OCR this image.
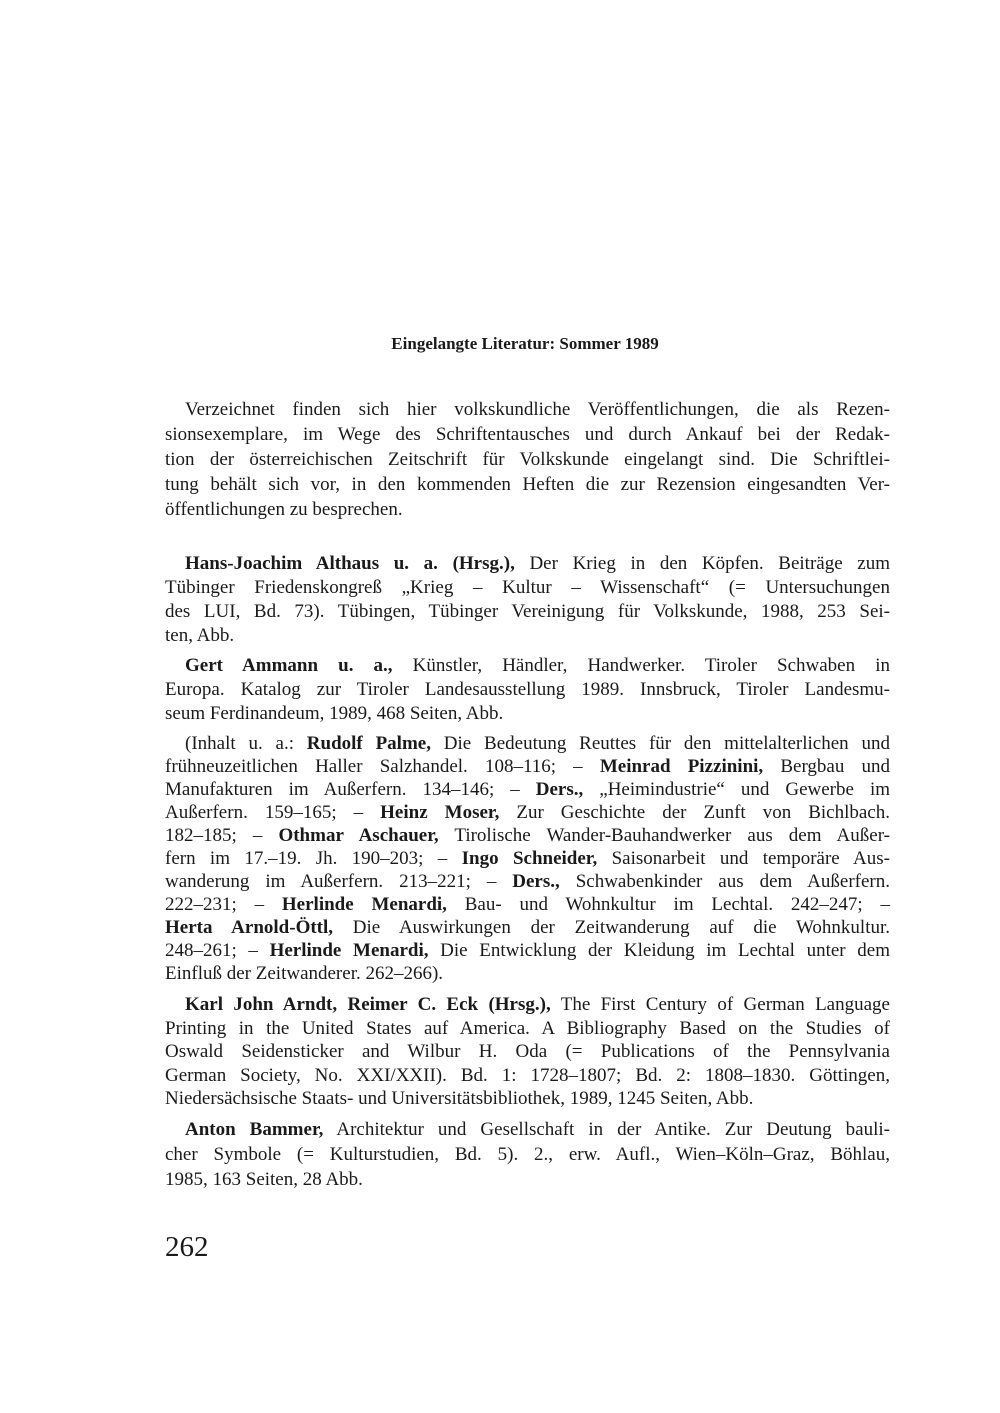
Eingelangte Literatur: Sommer 1989
Verzeichnet finden sich hier volkskundliche Veröffentlichungen, die als Rezen-
sionsexemplare, im Wege des Schriftentausches und durch Ankauf bei der Redak-
tion der österreichischen Zeitschrift für Volkskunde eingelangt sind. Die Schriftlei-
tung behält sich vor, in den kommenden Heften die zur Rezension eingesandten Ver-
öffentlichungen zu besprechen.
Hans-Joachim Althaus u. a. (Hrsg.), Der Krieg in den Köpfen. Beiträge zum
Tübinger Friedenskongreß „Krieg – Kultur – Wissenschaft“ (= Untersuchungen
des LUI, Bd. 73). Tübingen, Tübinger Vereinigung für Volkskunde, 1988, 253 Sei-
ten, Abb.
Gert Ammann u. a., Künstler, Händler, Handwerker. Tiroler Schwaben in
Europa. Katalog zur Tiroler Landesausstellung 1989. Innsbruck, Tiroler Landesmu-
seum Ferdinandeum, 1989, 468 Seiten, Abb.
(Inhalt u. a.: Rudolf Palme, Die Bedeutung Reuttes für den mittelalterlichen und
frühneuzeitlichen Haller Salzhandel. 108–116; – Meinrad Pizzinini, Bergbau und
Manufakturen im Außerfern. 134–146; – Ders., „Heimindustrie“ und Gewerbe im
Außerfern. 159–165; – Heinz Moser, Zur Geschichte der Zunft von Bichlbach.
182–185; – Othmar Aschauer, Tirolische Wander-Bauhandwerker aus dem Außer-
fern im 17.–19. Jh. 190–203; – Ingo Schneider, Saisonarbeit und temporäre Aus-
wanderung im Außerfern. 213–221; – Ders., Schwabenkinder aus dem Außerfern.
222–231; – Herlinde Menardi, Bau- und Wohnkultur im Lechtal. 242–247; –
Herta Arnold-Öttl, Die Auswirkungen der Zeitwanderung auf die Wohnkultur.
248–261; – Herlinde Menardi, Die Entwicklung der Kleidung im Lechtal unter dem
Einfluß der Zeitwanderer. 262–266).
Karl John Arndt, Reimer C. Eck (Hrsg.), The First Century of German Language
Printing in the United States auf America. A Bibliography Based on the Studies of
Oswald Seidensticker and Wilbur H. Oda (= Publications of the Pennsylvania
German Society, No. XXI/XXII). Bd. 1: 1728–1807; Bd. 2: 1808–1830. Göttingen,
Niedersächsische Staats- und Universitätsbibliothek, 1989, 1245 Seiten, Abb.
Anton Bammer, Architektur und Gesellschaft in der Antike. Zur Deutung bauli-
cher Symbole (= Kulturstudien, Bd. 5). 2., erw. Aufl., Wien–Köln–Graz, Böhlau,
1985, 163 Seiten, 28 Abb.
262
